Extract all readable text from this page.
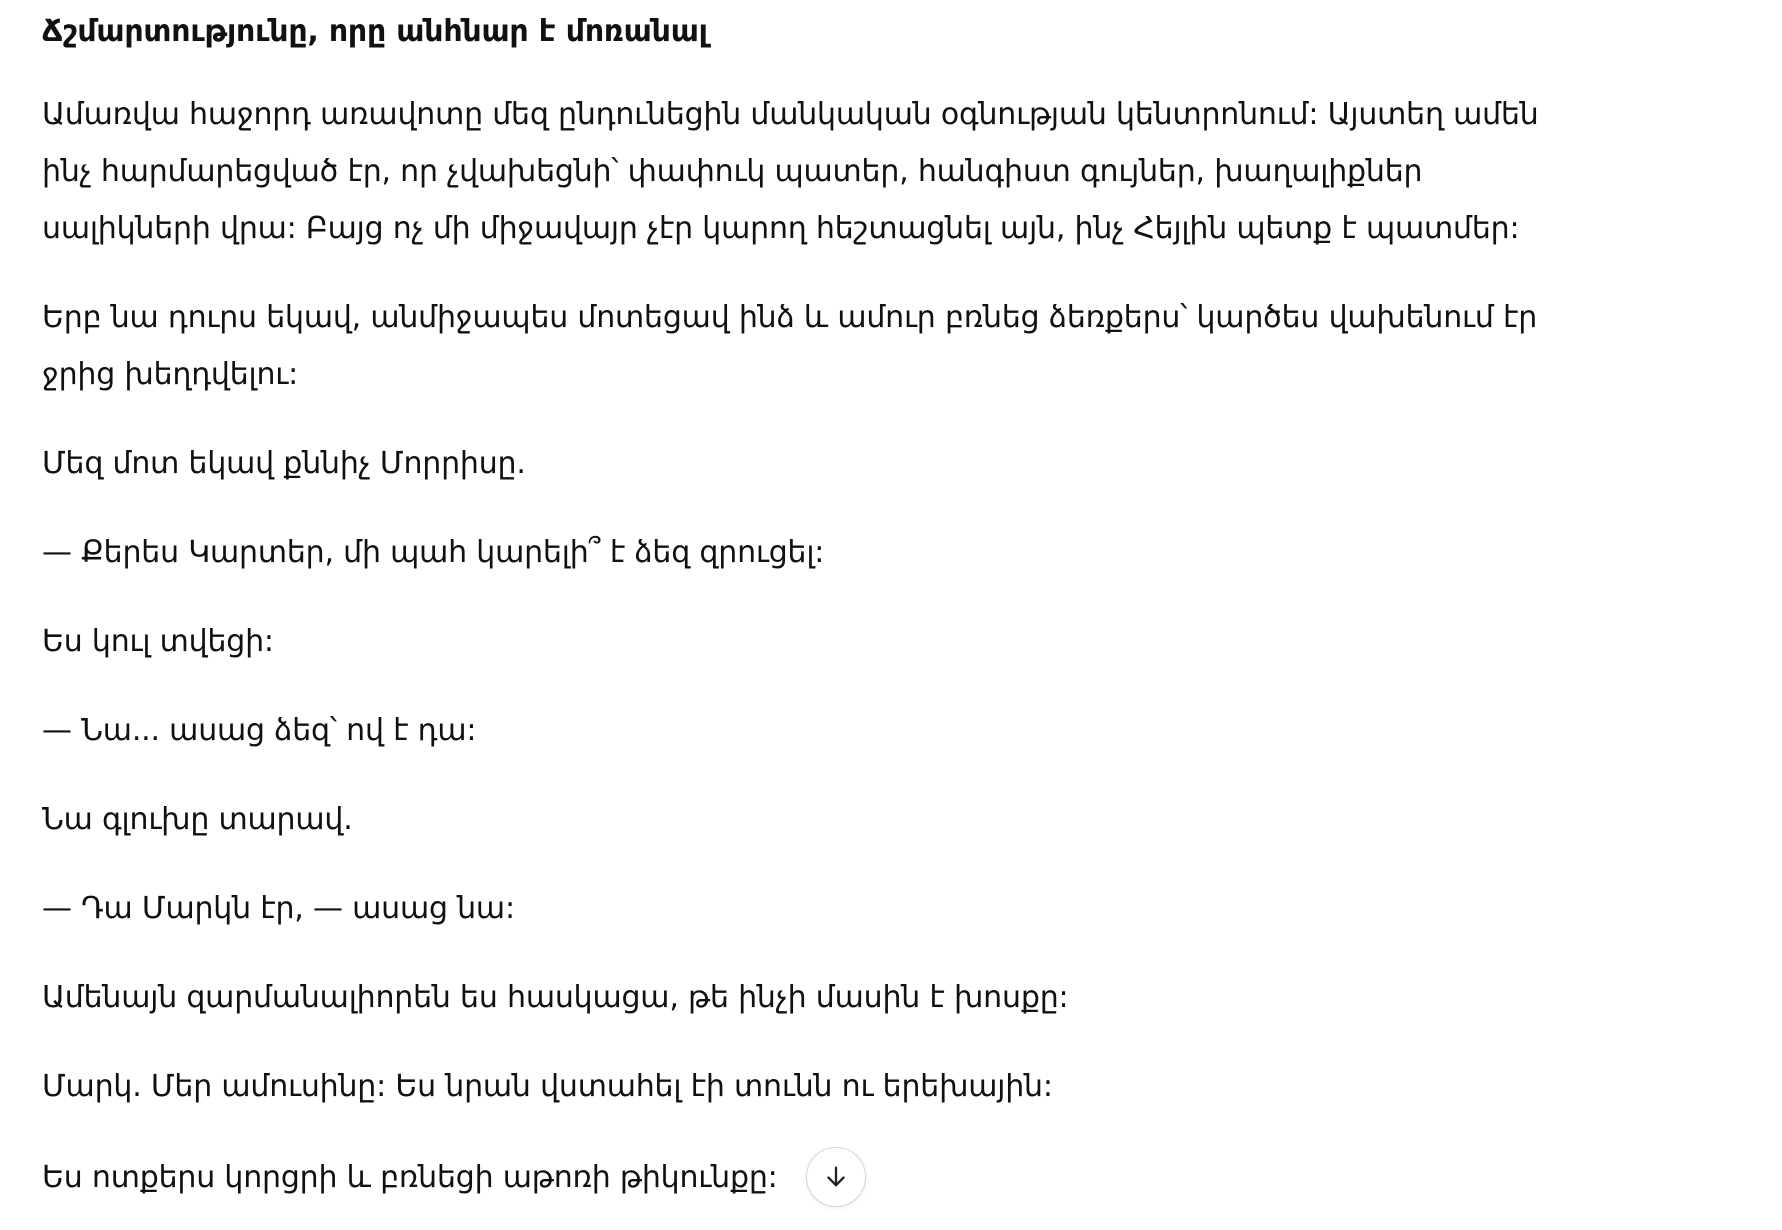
Ճշմարտությունը, որը անհնար է մոռանալ

Ամառվա հաջորդ առավոտը մեզ ընդունեցին մանկական օգնության կենտրոնում: Այստեղ ամեն ինչ հարմարեցված էր, որ չվախեցնի՝ փափուկ պատեր, հանգիստ գույներ, խաղալիքներ սալիկների վրա: Բայց ոչ մի միջավայր չէր կարող հեշտացնել այն, ինչ Հեյլին պետք է պատմեր:

Երբ նա դուրս եկավ, անմիջապես մոտեցավ ինձ և ամուր բռնեց ձեռքերս՝ կարծես վախենում էր ջրից խեղդվելու:

Մեզ մոտ եկավ քննիչ Մորրիսը.

— Քերես Կարտեր, մի պահ կարելի՞ է ձեզ զրուցել:

Ես կուլ տվեցի:

— Նա... ասաց ձեզ՝ ով է դա:

Նա գլուխը տարավ.

— Դա Մարկն էր, — ասաց նա:

Ամենայն զարմանալիորեն ես հասկացա, թե ինչի մասին է խոսքը:

Մարկ. Մեր ամուսինը: Ես նրան վստահել էի տունն ու երեխային:

Ես ոտքերս կորցրի և բռնեցի աթոռի թիկունքը:
